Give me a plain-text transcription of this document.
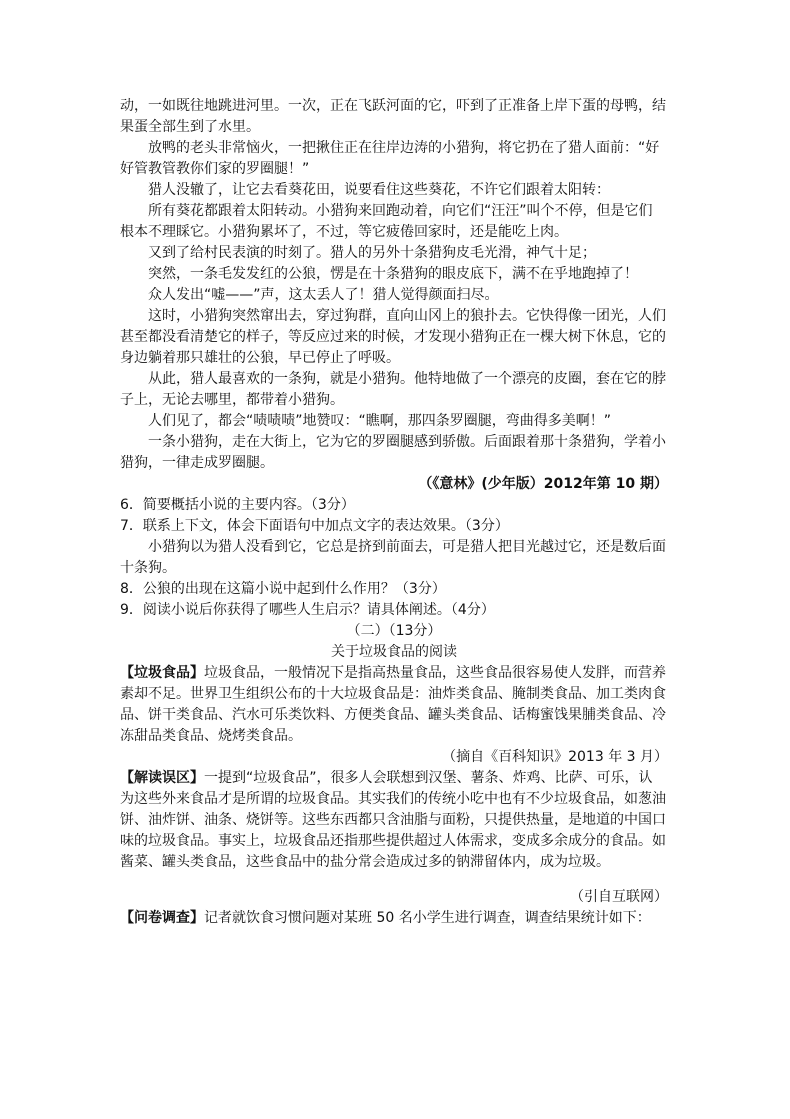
动，一如既往地跳进河里。一次，正在飞跃河面的它，吓到了正准备上岸下蛋的母鸭，结
果蛋全部生到了水里。
放鸭的老头非常恼火，一把揪住正在往岸边涛的小猎狗，将它扔在了猎人面前：“好
好管教管教你们家的罗圈腿！”
猎人没辙了，让它去看葵花田，说要看住这些葵花，不许它们跟着太阳转：
所有葵花都跟着太阳转动。小猎狗来回跑动着，向它们“汪汪”叫个不停，但是它们
根本不理睬它。小猎狗累坏了，不过，等它疲倦回家时，还是能吃上肉。
又到了给村民表演的时刻了。猎人的另外十条猎狗皮毛光滑，神气十足；
突然，一条毛发发红的公狼，愣是在十条猎狗的眼皮底下，满不在乎地跑掉了！
众人发出“嘘——”声，这太丢人了！猎人觉得颜面扫尽。
这时，小猎狗突然窜出去，穿过狗群，直向山冈上的狼扑去。它快得像一团光，人们
甚至都没看清楚它的样子，等反应过来的时候，才发现小猎狗正在一棵大树下休息，它的
身边躺着那只雄壮的公狼，早已停止了呼吸。
从此，猎人最喜欢的一条狗，就是小猎狗。他特地做了一个漂亮的皮圈，套在它的脖
子上，无论去哪里，都带着小猎狗。
人们见了，都会“啧啧啧”地赞叹：“瞧啊，那四条罗圈腿，弯曲得多美啊！”
一条小猎狗，走在大街上，它为它的罗圈腿感到骄傲。后面跟着那十条猎狗，学着小
猎狗，一律走成罗圈腿。
（《意林》(少年版）2012年第 10 期）
6．简要概括小说的主要内容。（3分）
7．联系上下文，体会下面语句中加点文字的表达效果。（3分）
小猎狗以为猎人没看到它，它总是挤到前面去，可是猎人把目光越过它，还是数后面
十条狗。
8．公狼的出现在这篇小说中起到什么作用？（3分）
9．阅读小说后你获得了哪些人生启示？请具体阐述。（4分）
（二）（13分）
关于垃圾食品的阅读
【垃圾食品】垃圾食品，一般情况下是指高热量食品，这些食品很容易使人发胖，而营养
素却不足。世界卫生组织公布的十大垃圾食品是：油炸类食品、腌制类食品、加工类肉食
品、饼干类食品、汽水可乐类饮料、方便类食品、罐头类食品、话梅蜜饯果脯类食品、冷
冻甜品类食品、烧烤类食品。
（摘自《百科知识》2013 年 3 月）
【解读误区】一提到“垃圾食品”，很多人会联想到汉堡、薯条、炸鸡、比萨、可乐，认
为这些外来食品才是所谓的垃圾食品。其实我们的传统小吃中也有不少垃圾食品，如葱油
饼、油炸饼、油条、烧饼等。这些东西都只含油脂与面粉，只提供热量，是地道的中国口
味的垃圾食品。事实上，垃圾食品还指那些提供超过人体需求，变成多余成分的食品。如
酱菜、罐头类食品，这些食品中的盐分常会造成过多的钠滞留体内，成为垃圾。
（引自互联网）
【问卷调查】记者就饮食习惯问题对某班 50 名小学生进行调查，调查结果统计如下：
